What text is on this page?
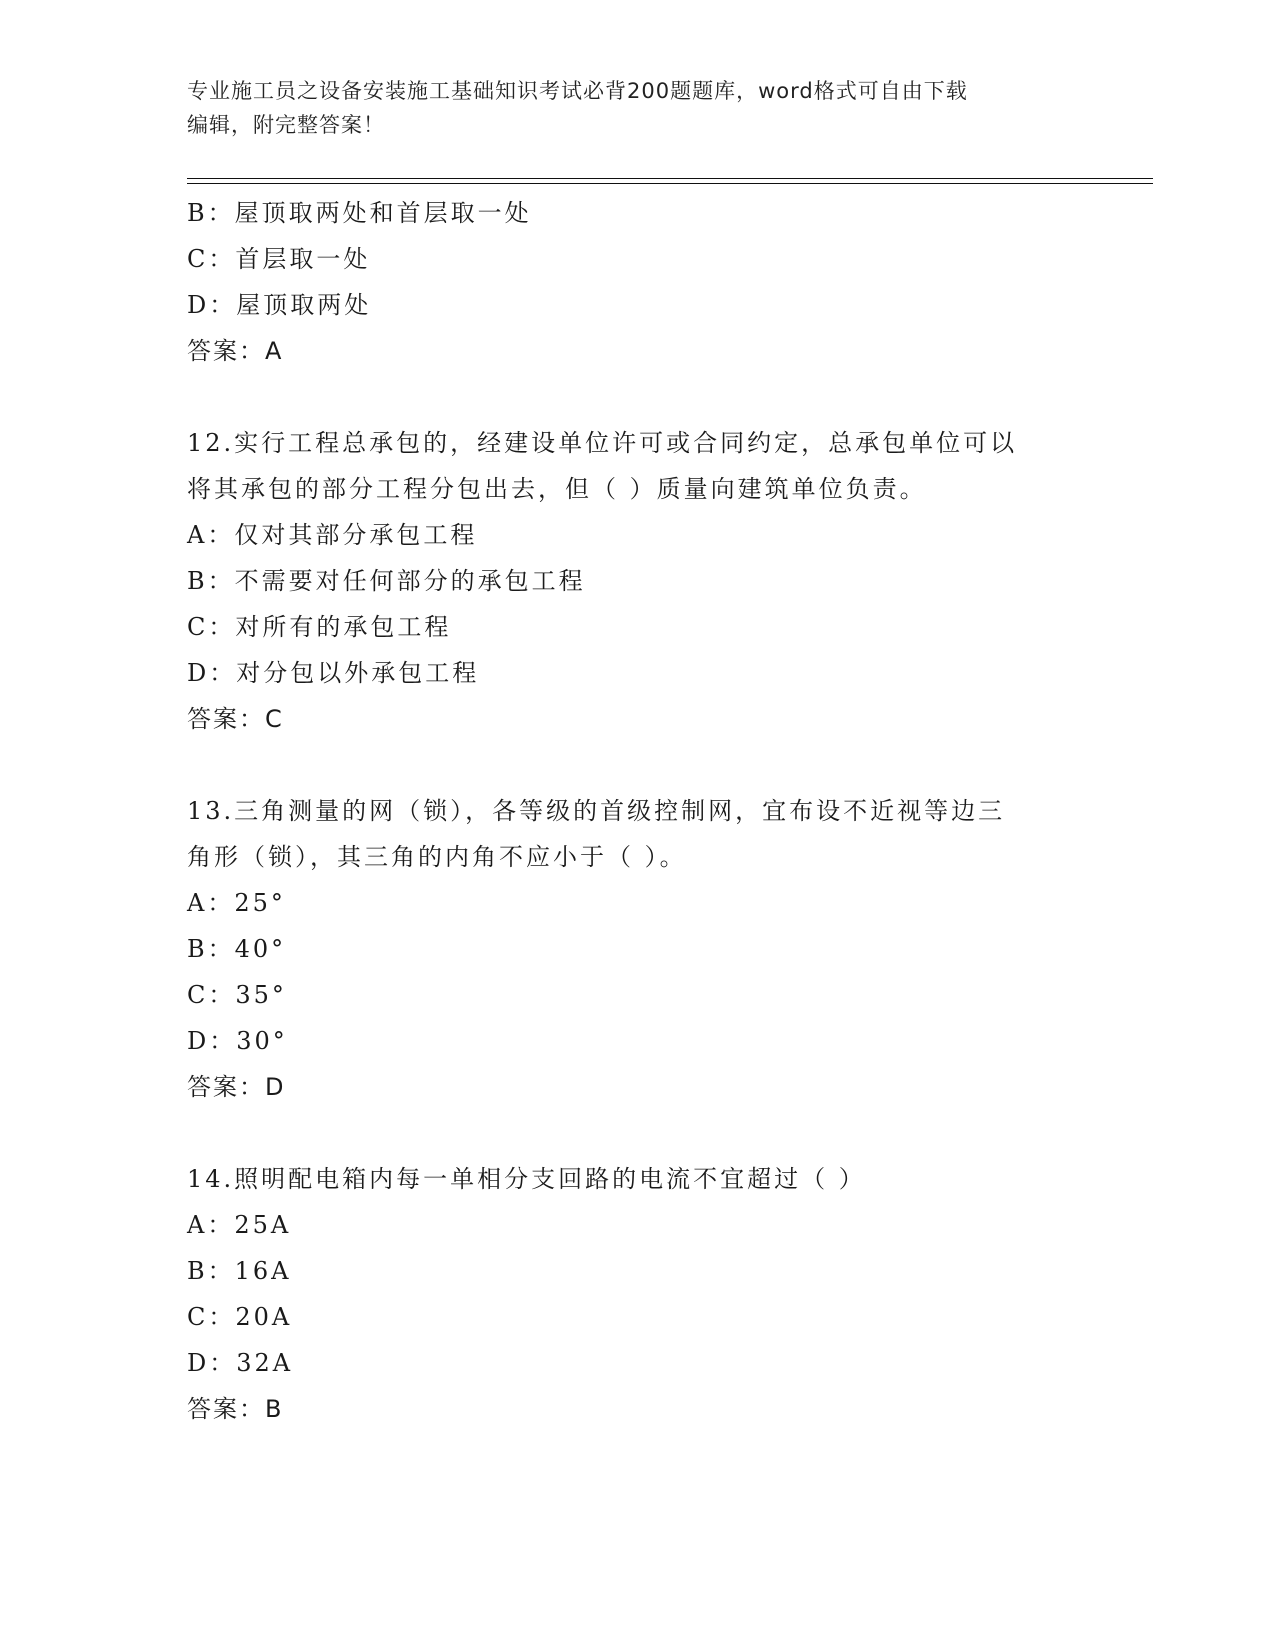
专业施工员之设备安装施工基础知识考试必背200题题库，word格式可自由下载
编辑，附完整答案！
B：屋顶取两处和首层取一处
C：首层取一处
D：屋顶取两处
答案：A
12.实行工程总承包的，经建设单位许可或合同约定，总承包单位可以
将其承包的部分工程分包出去，但（ ）质量向建筑单位负责。
A：仅对其部分承包工程
B：不需要对任何部分的承包工程
C：对所有的承包工程
D：对分包以外承包工程
答案：C
13.三角测量的网（锁），各等级的首级控制网，宜布设不近视等边三
角形（锁），其三角的内角不应小于（ ）。
A：25°
B：40°
C：35°
D：30°
答案：D
14.照明配电箱内每一单相分支回路的电流不宜超过（ ）
A：25A
B：16A
C：20A
D：32A
答案：B
